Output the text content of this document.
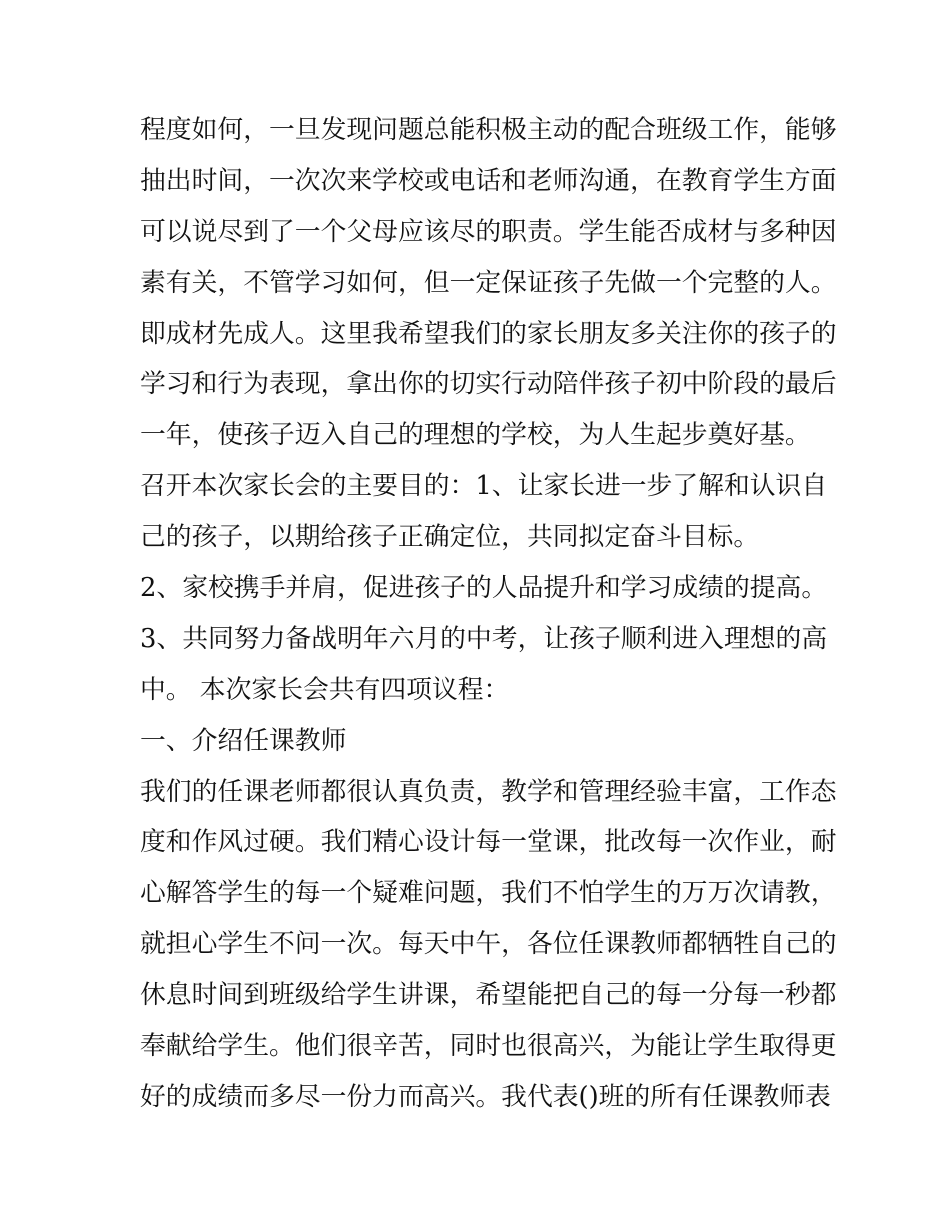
程度如何，一旦发现问题总能积极主动的配合班级工作，能够
抽出时间，一次次来学校或电话和老师沟通，在教育学生方面
可以说尽到了一个父母应该尽的职责。学生能否成材与多种因
素有关，不管学习如何，但一定保证孩子先做一个完整的人。
即成材先成人。这里我希望我们的家长朋友多关注你的孩子的
学习和行为表现，拿出你的切实行动陪伴孩子初中阶段的最后
一年，使孩子迈入自己的理想的学校，为人生起步奠好基。
召开本次家长会的主要目的：1、让家长进一步了解和认识自
己的孩子，以期给孩子正确定位，共同拟定奋斗目标。
2、家校携手并肩，促进孩子的人品提升和学习成绩的提高。
3、共同努力备战明年六月的中考，让孩子顺利进入理想的高
中。 本次家长会共有四项议程：
一、介绍任课教师
我们的任课老师都很认真负责，教学和管理经验丰富，工作态
度和作风过硬。我们精心设计每一堂课，批改每一次作业，耐
心解答学生的每一个疑难问题，我们不怕学生的万万次请教，
就担心学生不问一次。每天中午，各位任课教师都牺牲自己的
休息时间到班级给学生讲课，希望能把自己的每一分每一秒都
奉献给学生。他们很辛苦，同时也很高兴，为能让学生取得更
好的成绩而多尽一份力而高兴。我代表()班的所有任课教师表
